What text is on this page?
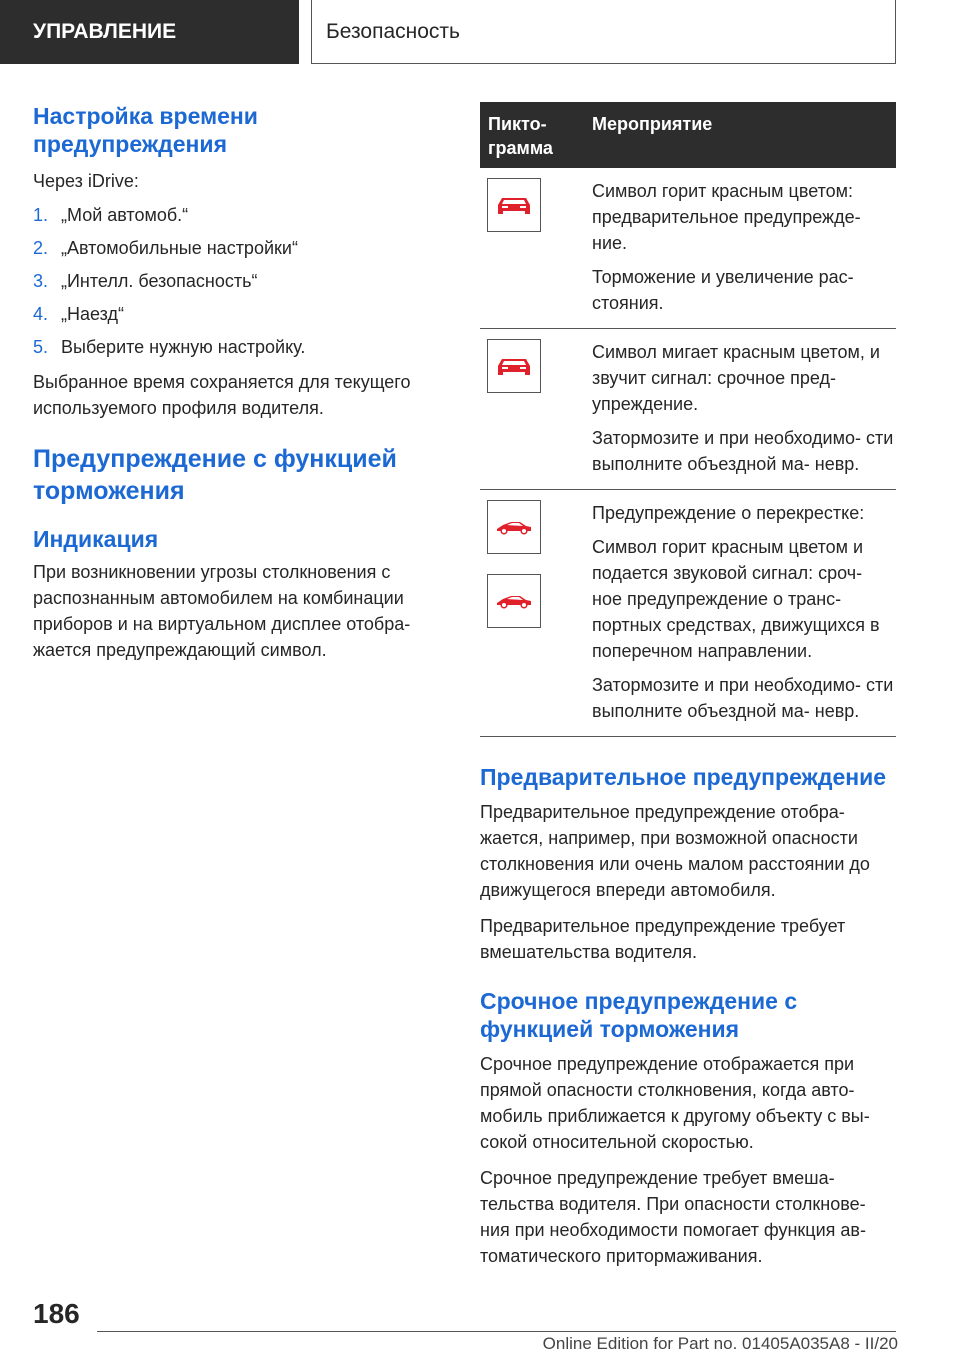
УПРАВЛЕНИЕ	Безопасность
Настройка времени предупреждения

Через iDrive:

1. „Мой автомоб.“
2. „Автомобильные настройки“
3. „Интелл. безопасность“
4. „Наезд“
5. Выберите нужную настройку.

Выбранное время сохраняется для текущего используемого профиля водителя.

Предупреждение с функцией торможения
Индикация

При возникновении угрозы столкновения с распознанным автомобилем на комбинации приборов и на виртуальном дисплее отобра- жается предупреждающий символ.

Пикто- грамма
Мероприятие

Символ горит красным цветом: предварительное предупрежде- ние.

Торможение и увеличение рас- стояния.

Символ мигает красным цветом, и звучит сигнал: срочное пред- упреждение.

Затормозите и при необходимо- сти выполните объездной ма- невр.

Предупреждение о перекрестке:

Символ горит красным цветом и подается звуковой сигнал: сроч- ное предупреждение о транс- портных средствах, движущихся в поперечном направлении.

Затормозите и при необходимо- сти выполните объездной ма- невр.

Предварительное предупреждение

Предварительное предупреждение отобра- жается, например, при возможной опасности столкновения или очень малом расстоянии до движущегося впереди автомобиля.

Предварительное предупреждение требует вмешательства водителя.

Срочное предупреждение с функцией торможения

Срочное предупреждение отображается при прямой опасности столкновения, когда авто- мобиль приближается к другому объекту с вы- сокой относительной скоростью.

Срочное предупреждение требует вмеша- тельства водителя. При опасности столкнове- ния при необходимости помогает функция ав- томатического притормаживания.

186
Online Edition for Part no. 01405A035A8 - II/20
